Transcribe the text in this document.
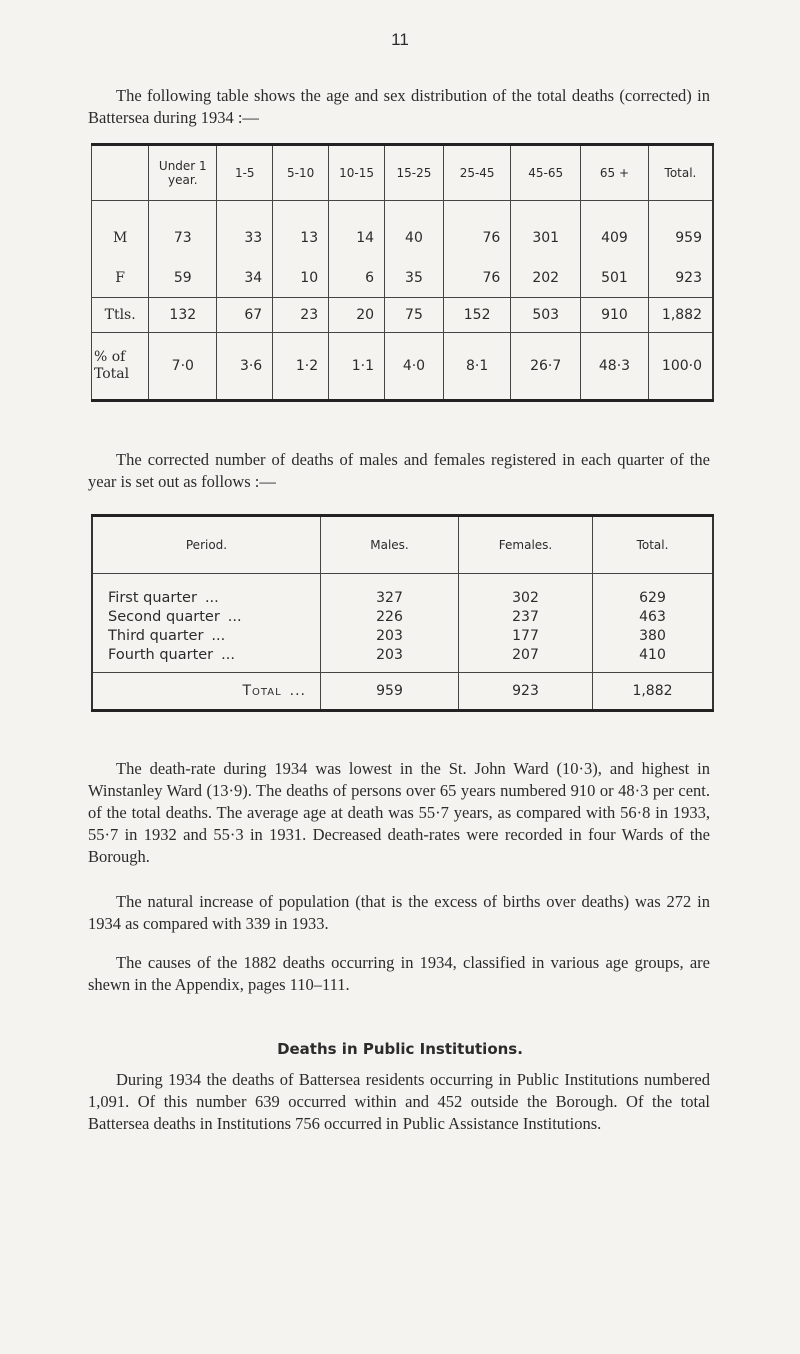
11

The following table shows the age and sex distribution of the total deaths (corrected) in Battersea during 1934 :—

	Under 1 year.	1-5	5-10	10-15	15-25	25-45	45-65	65 +	Total.
M	73	33	13	14	40	76	301	409	959
F	59	34	10	6	35	76	202	501	923
Ttls.	132	67	23	20	75	152	503	910	1,882
% of Total	7·0	3·6	1·2	1·1	4·0	8·1	26·7	48·3	100·0

The corrected number of deaths of males and females registered in each quarter of the year is set out as follows :—

Period.	Males.	Females.	Total.
First quarter ...	327	302	629
Second quarter ...	226	237	463
Third quarter ...	203	177	380
Fourth quarter ...	203	207	410
Total ...	959	923	1,882

The death-rate during 1934 was lowest in the St. John Ward (10·3), and highest in Winstanley Ward (13·9). The deaths of persons over 65 years numbered 910 or 48·3 per cent. of the total deaths. The average age at death was 55·7 years, as compared with 56·8 in 1933, 55·7 in 1932 and 55·3 in 1931. Decreased death-rates were recorded in four Wards of the Borough.

The natural increase of population (that is the excess of births over deaths) was 272 in 1934 as compared with 339 in 1933.

The causes of the 1882 deaths occurring in 1934, classified in various age groups, are shewn in the Appendix, pages 110–111.

Deaths in Public Institutions.

During 1934 the deaths of Battersea residents occurring in Public Institutions numbered 1,091. Of this number 639 occurred within and 452 outside the Borough. Of the total Battersea deaths in Institutions 756 occurred in Public Assistance Institutions.
